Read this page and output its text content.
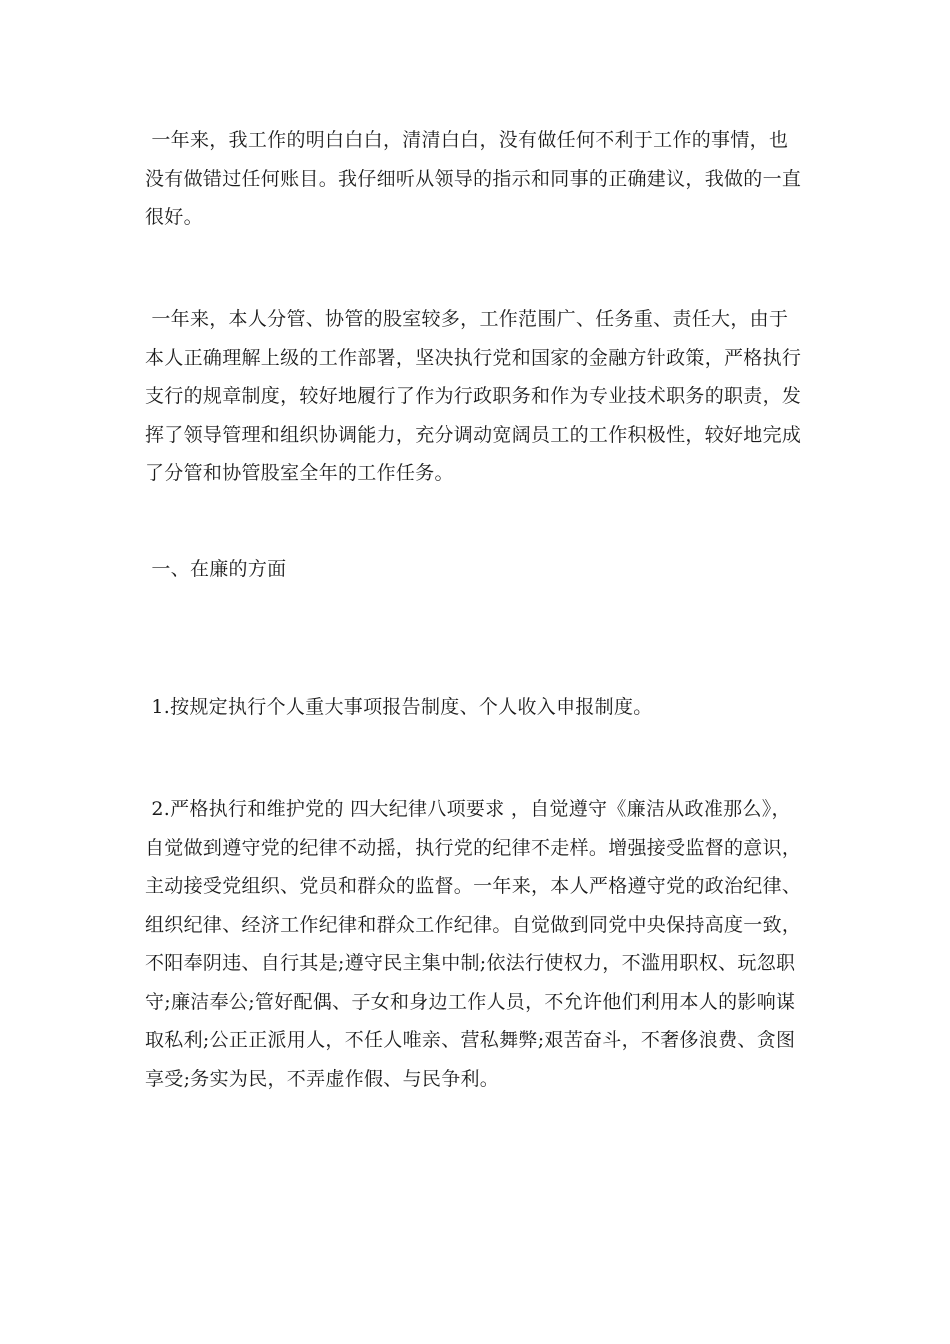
一年来，我工作的明白白白，清清白白，没有做任何不利于工作的事情，也没有做错过任何账目。我仔细听从领导的指示和同事的正确建议，我做的一直很好。

一年来，本人分管、协管的股室较多，工作范围广、任务重、责任大，由于本人正确理解上级的工作部署，坚决执行党和国家的金融方针政策，严格执行支行的规章制度，较好地履行了作为行政职务和作为专业技术职务的职责，发挥了领导管理和组织协调能力，充分调动宽阔员工的工作积极性，较好地完成了分管和协管股室全年的工作任务。

一、在廉的方面

1.按规定执行个人重大事项报告制度、个人收入申报制度。

2.严格执行和维护党的 四大纪律八项要求 ，自觉遵守《廉洁从政准那么》，自觉做到遵守党的纪律不动摇，执行党的纪律不走样。增强接受监督的意识，主动接受党组织、党员和群众的监督。一年来，本人严格遵守党的政治纪律、组织纪律、经济工作纪律和群众工作纪律。自觉做到同党中央保持高度一致，不阳奉阴违、自行其是;遵守民主集中制;依法行使权力，不滥用职权、玩忽职守;廉洁奉公;管好配偶、子女和身边工作人员，不允许他们利用本人的影响谋取私利;公正正派用人，不任人唯亲、营私舞弊;艰苦奋斗，不奢侈浪费、贪图享受;务实为民，不弄虚作假、与民争利。
